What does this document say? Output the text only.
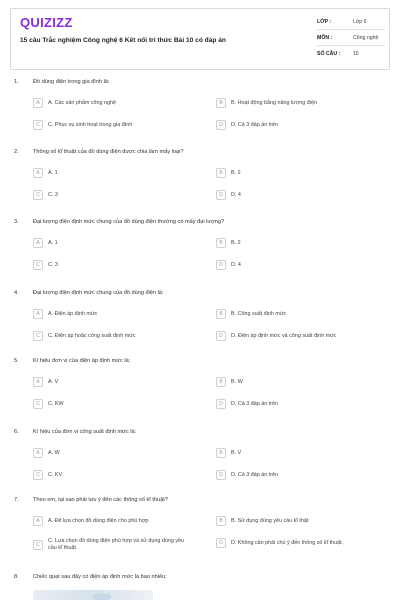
QUIZIZZ
15 câu Trắc nghiệm Công nghệ 6 Kết nối tri thức Bài 10 có đáp án
LỚP :	Lớp 6
MÔN :	Công nghệ
SỐ CÂU :	15
1.	Đồ dùng điện trong gia đình là:
A	A. Các sản phẩm công nghệ	B	B. Hoạt động bằng năng lượng điện
C	C. Phục vụ sinh hoạt trong gia đình	D	D. Cả 3 đáp án trên
2.	Thông số kĩ thuật của đồ dùng điện được chia làm mấy loại?
A	A. 1	B	B. 2
C	C. 3	D	D. 4
3.	Đại lượng điện định mức chung của đồ dùng điện thường có mấy đại lượng?
A	A. 1	B	B. 2
C	C. 3	D	D. 4
4.	Đại lượng điện định mức chung của đồ dùng điện là:
A	A. Điện áp định mức	B	B. Công suất định mức
C	C. Điện áp hoặc công suất định mức	D	D. Điện áp định mức và công suất định mức
5.	Kí hiệu đơn vị của điện áp định mức là:
A	A. V	B	B. W
C	C. KW	D	D. Cả 3 đáp án trên
6.	Kí hiệu của đơn vị công suất định mức là:
A	A. W	B	B. V
C	C. KV	D	D. Cả 3 đáp án trên
7.	Theo em, tại sao phải lưu ý đến các thông số kĩ thuật?
A	A. Để lựa chọn đồ dùng điện cho phù hợp	B	B. Sử dụng đúng yêu cầu kĩ thật
C
C. Lựa chọn đồ dùng điện phù hợp và sử dụng đúng yêu cầu kĩ thuật.
D	D. Không cần phải chú ý đến thông số kĩ thuật.
8.	Chiếc quạt sau đây có điện áp định mức là bao nhiêu:
